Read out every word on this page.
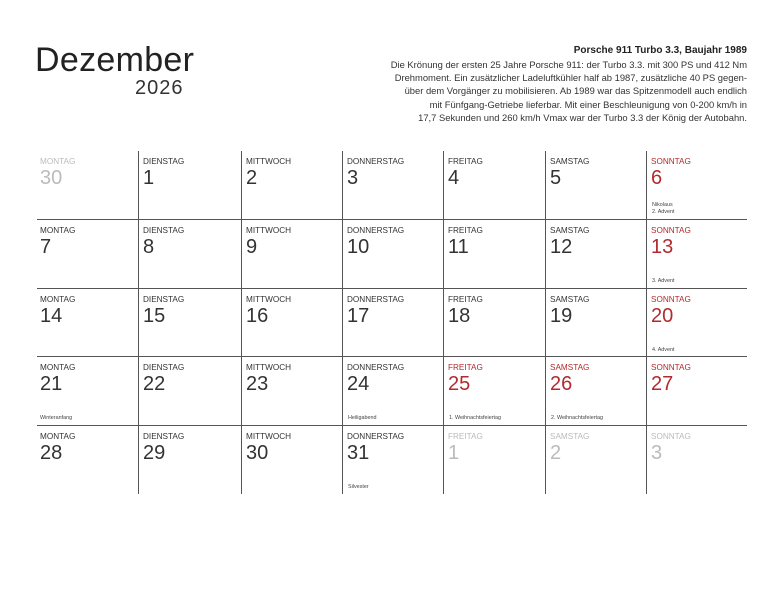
Dezember
2026
Porsche 911 Turbo 3.3, Baujahr 1989
Die Krönung der ersten 25 Jahre Porsche 911: der Turbo 3.3. mit 300 PS und 412 Nm
Drehmoment. Ein zusätzlicher Ladeluftkühler half ab 1987, zusätzliche 40 PS gegen-
über dem Vorgänger zu mobilisieren. Ab 1989 war das Spitzenmodell auch endlich
mit Fünfgang-Getriebe lieferbar. Mit einer Beschleunigung von 0-200 km/h in
17,7 Sekunden und 260 km/h Vmax war der Turbo 3.3 der König der Autobahn.
MONTAG
30
DIENSTAG
1
MITTWOCH
2
DONNERSTAG
3
FREITAG
4
SAMSTAG
5
SONNTAG
6
Nikolaus
2. Advent
MONTAG
7
DIENSTAG
8
MITTWOCH
9
DONNERSTAG
10
FREITAG
11
SAMSTAG
12
SONNTAG
13
3. Advent
MONTAG
14
DIENSTAG
15
MITTWOCH
16
DONNERSTAG
17
FREITAG
18
SAMSTAG
19
SONNTAG
20
4. Advent
MONTAG
21
Winteranfang
DIENSTAG
22
MITTWOCH
23
DONNERSTAG
24
Heiligabend
FREITAG
25
1. Weihnachtsfeiertag
SAMSTAG
26
2. Weihnachtsfeiertag
SONNTAG
27
MONTAG
28
DIENSTAG
29
MITTWOCH
30
DONNERSTAG
31
Silvester
FREITAG
1
SAMSTAG
2
SONNTAG
3
